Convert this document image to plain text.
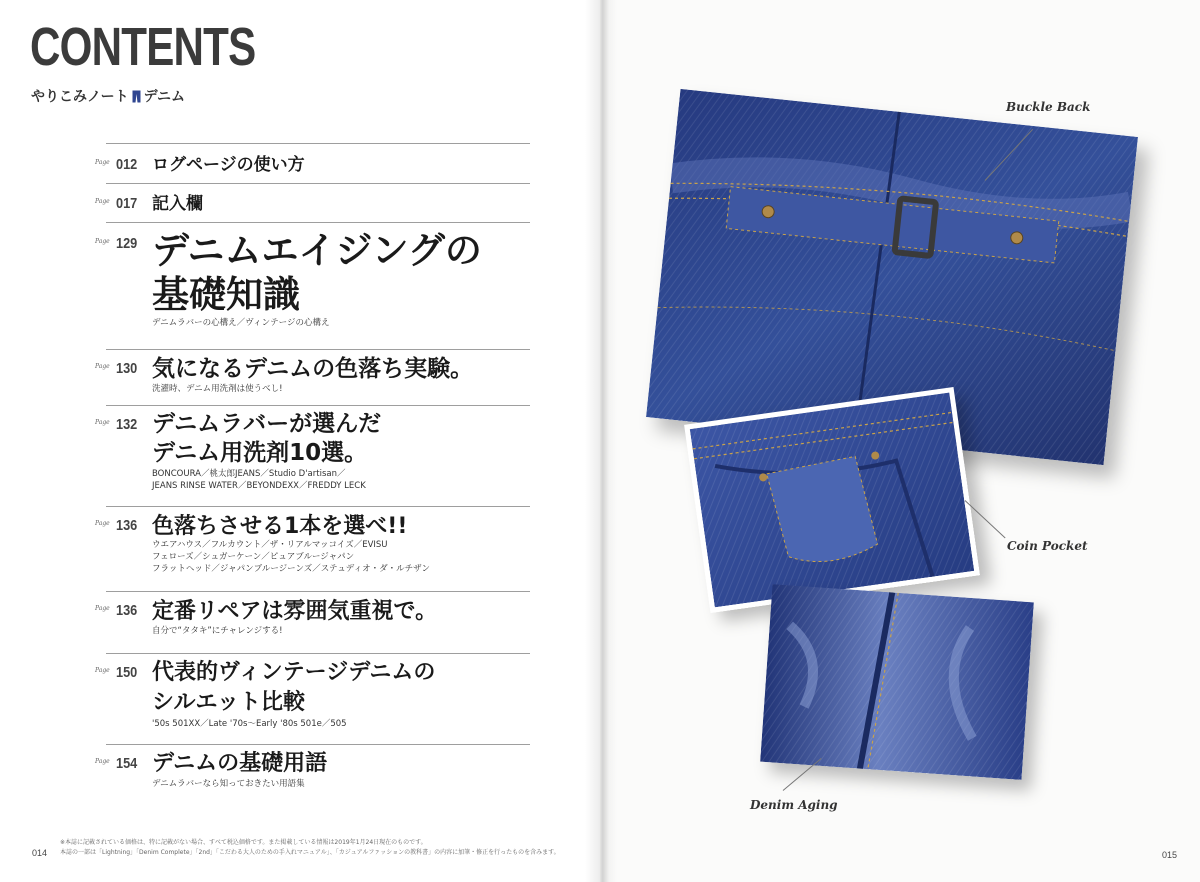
CONTENTS
やりこみノート デニム
Page 012 ログページの使い方
Page 017 記入欄
Page 129 デニムエイジングの
基礎知識
デニムラバーの心構え／ヴィンテージの心構え
Page 130 気になるデニムの色落ち実験。
洗濯時、デニム用洗剤は使うべし!
Page 132 デニムラバーが選んだ
デニム用洗剤10選。
BONCOURA／桃太郎JEANS／Studio D'artisan／
JEANS RINSE WATER／BEYONDEXX／FREDDY LECK
Page 136 色落ちさせる1本を選べ!!
ウエアハウス／フルカウント／ザ・リアルマッコイズ／EVISU
フェローズ／シュガーケーン／ピュアブルージャパン
フラットヘッド／ジャパンブルージーンズ／ステュディオ・ダ・ルチザン
Page 136 定番リペアは雰囲気重視で。
自分で“タタキ”にチャレンジする!
Page 150 代表的ヴィンテージデニムの
シルエット比較
'50s 501XX／Late '70s〜Early '80s 501e／505
Page 154 デニムの基礎用語
デニムラバーなら知っておきたい用語集
※本誌に記載されている価格は、特に記載がない場合、すべて税込価格です。また掲載している情報は2019年1月24日現在のものです。
本誌の一部は「Lightning」「Denim Complete」「2nd」「こだわる大人のための手入れマニュアル」、「カジュアルファッションの教科書」の内容に加筆・修正を行ったものを含みます。
014
Buckle Back
Coin Pocket
Denim Aging
015
